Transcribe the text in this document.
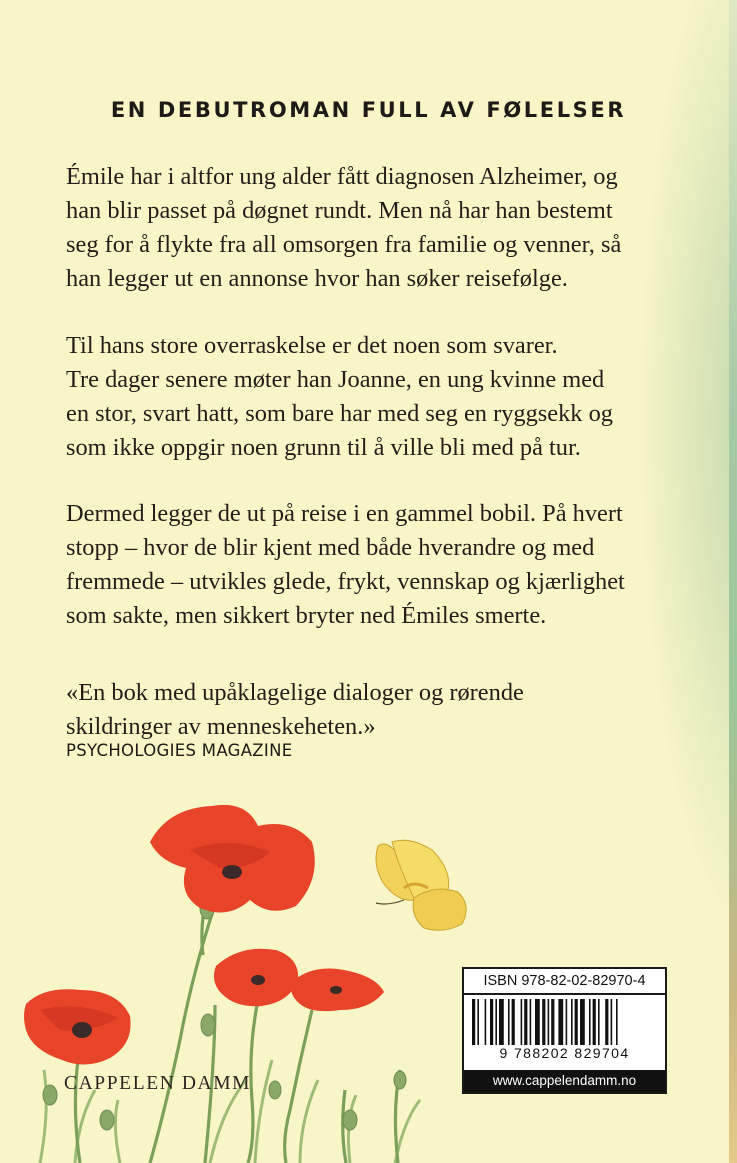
EN DEBUTROMAN FULL AV FØLELSER
Émile har i altfor ung alder fått diagnosen Alzheimer, og
han blir passet på døgnet rundt. Men nå har han bestemt
seg for å flykte fra all omsorgen fra familie og venner, så
han legger ut en annonse hvor han søker reisefølge.
Til hans store overraskelse er det noen som svarer.
Tre dager senere møter han Joanne, en ung kvinne med
en stor, svart hatt, som bare har med seg en ryggsekk og
som ikke oppgir noen grunn til å ville bli med på tur.
Dermed legger de ut på reise i en gammel bobil. På hvert
stopp – hvor de blir kjent med både hverandre og med
fremmede – utvikles glede, frykt, vennskap og kjærlighet
som sakte, men sikkert bryter ned Émiles smerte.
«En bok med upåklagelige dialoger og rørende
skildringer av menneskeheten.»
PSYCHOLOGIES MAGAZINE
CAPPELEN DAMM
ISBN 978-82-02-82970-4
9 788202 829704
www.cappelendamm.no
